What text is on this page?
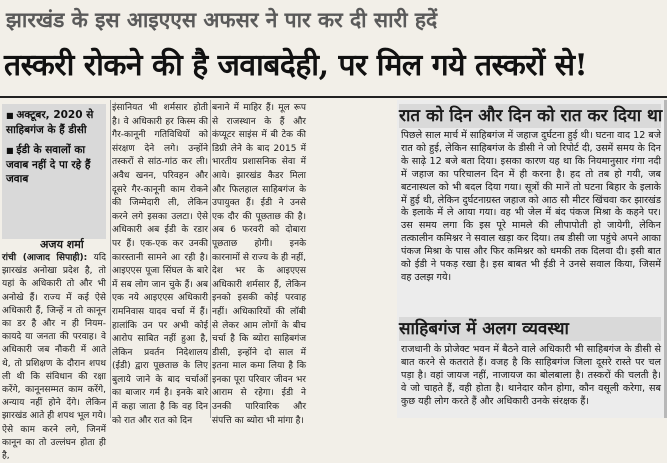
झारखंड के इस आइएएस अफसर ने पार कर दी सारी हदें
तस्करी रोकने की है जवाबदेही, पर मिल गये तस्करों से!
■ अक्टूबर, 2020 से साहिबगंज के हैं डीसी
■ ईडी के सवालों का जवाब नहीं दे पा रहे हैं जवाब
अजय शर्मा
रांची (आजाद सिपाही): यदि झारखंड अनोखा प्रदेश है, तो यहां के अधिकारी तो और भी अनोखे हैं। राज्य में कई ऐसे अधिकारी हैं, जिन्हें न तो कानून का डर है और न ही नियम-कायदे या जनता की परवाह। वे अधिकारी जब नौकरी में आते थे, तो प्रशिक्षण के दौरान शपथ ली थी कि संविधान की रक्षा करेंगे, कानूनसम्मत काम करेंगे, अन्याय नहीं होने देंगे। लेकिन झारखंड आते ही शपथ भूल गये। ऐसे काम करने लगे, जिनमें कानून का तो उल्लंघन होता ही है,
इंसानियत भी शर्मसार होती है। वे अधिकारी हर किस्म की गैर-कानूनी गतिविधियों को संरक्षण देने लगे। उन्होंने तस्करों से सांठ-गांठ कर ली। अवैध खनन, परिवहन और दूसरे गैर-कानूनी काम रोकने की जिम्मेदारी ली, लेकिन करने लगे इसका उलटा। ऐसे अधिकारी अब ईडी के रडार पर हैं। एक-एक कर उनकी कारस्तानी सामने आ रही है। आइएएस पूजा सिंघल के बारे में सब लोग जान चुके हैं। अब एक नये आइएएस अधिकारी रामनिवास यादव चर्चा में हैं। हालांकि उन पर अभी कोई आरोप साबित नहीं हुआ है, लेकिन प्रवर्तन निदेशालय (ईडी) द्वारा पूछताछ के लिए बुलाये जाने के बाद चर्चाओं का बाजार गर्म है। इनके बारे में कहा जाता है कि वह दिन को रात और रात को दिन
बनाने में माहिर हैं। मूल रूप से राजस्थान के हैं और कंप्यूटर साइंस में बी टेक की डिग्री लेने के बाद 2015 में भारतीय प्रशासनिक सेवा में आये। झारखंड कैडर मिला और फिलहाल साहिबगंज के उपायुक्त हैं। ईडी ने उनसे एक दौर की पूछताछ की है। अब 6 फरवरी को दोबारा पूछताछ होगी। इनके कारनामों से राज्य के ही नहीं, देश भर के आइएएस अधिकारी शर्मसार हैं, लेकिन इनको इसकी कोई परवाह नहीं। अधिकारियों की लॉबी से लेकर आम लोगों के बीच चर्चा है कि ब्योरा साहिबगंज डीसी, इन्होंने दो साल में इतना माल कमा लिया है कि इनका पूरा परिवार जीवन भर आराम से रहेगा। ईडी ने उनकी पारिवारिक और संपत्ति का ब्योरा भी मांगा है।
रात को दिन और दिन को रात कर दिया था
पिछले साल मार्च में साहिबगंज में जहाज दुर्घटना हुई थी। घटना वाद 12 बजे रात को हुई, लेकिन साहिबगंज के डीसी ने जो रिपोर्ट दी, उसमें समय के दिन के साढ़े 12 बजे बता दिया। इसका कारण यह था कि नियमानुसार गंगा नदी में जहाज का परिचालन दिन में ही करना है। हद तो तब हो गयी, जब बटनास्थल को भी बदल दिया गया। सूत्रों की मानें तो घटना बिहार के इलाके में हुई थी, लेकिन दुर्घटनाग्रस्त जहाज को आठ सौ मीटर खिंचवा कर झारखंड के इलाके में ले आया गया। वह भी जेल में बंद पंकज मिश्रा के कहने पर। उस समय लगा कि इस पूरे मामले की लीपापोती हो जायेगी, लेकिन तत्कालीन कमिश्नर ने सवाल खड़ा कर दिया। तब डीसी जा पहुंचे अपने आका पंकज मिश्रा के पास और फिर कमिश्नर को धमकी तक दिलवा दी। इसी बात को ईडी ने पकड़ रखा है। इस बाबत भी ईडी ने उनसे सवाल किया, जिसमें वह उलझ गये।
साहिबगंज में अलग व्यवस्था
राजधानी के प्रोजेक्ट भवन में बैठने वाले अधिकारी भी साहिबगंज के डीसी से बात करने से कतराते हैं। वजह है कि साहिबगंज जिला दूसरे रास्ते पर चल पड़ा है। वहां जायज नहीं, नाजायज का बोलबाला है। तस्करों की चलती है। वे जो चाहते हैं, वही होता है। थानेदार कौन होगा, कौन वसूली करेगा, सब कुछ यही लोग करते हैं और अधिकारी उनके संरक्षक हैं।
